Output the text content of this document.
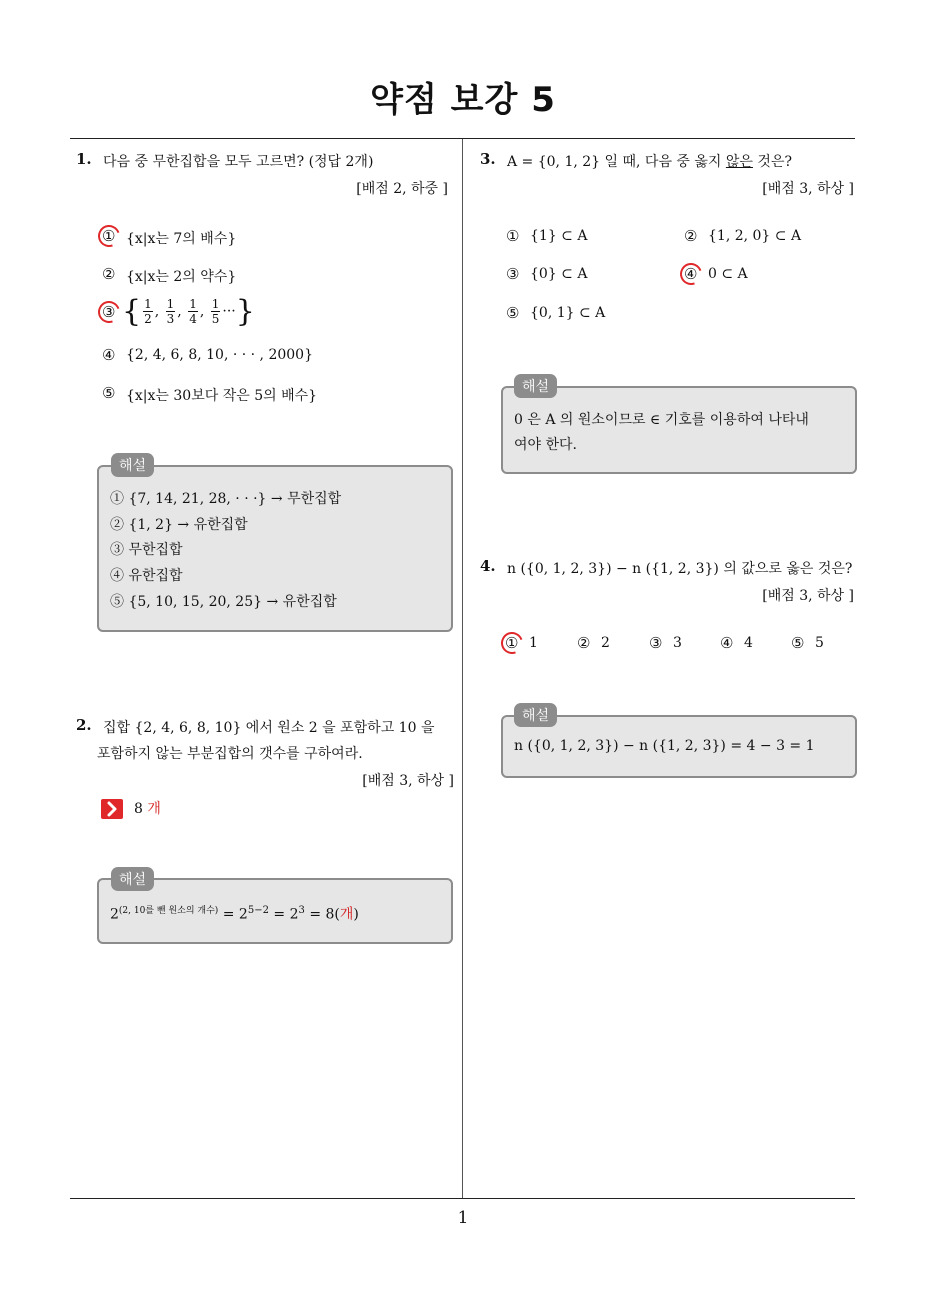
약점 보강 5
1
1. 다음 중 무한집합을 모두 고르면? (정답 2개)
[배점 2, 하중 ]
① {x|x는 7의 배수}
② {x|x는 2의 약수}
③ { $\frac{1}{2}$ , $\frac{1}{3}$ , $\frac{1}{4}$ , $\frac{1}{5}$ ···}
④ {2, 4, 6, 8, 10, · · · , 2000}
⑤ {x|x는 30보다 작은 5의 배수}
해설
① {7, 14, 21, 28, · · ·} → 무한집합
② {1, 2} → 유한집합
③ 무한집합
④ 유한집합
⑤ {5, 10, 15, 20, 25} → 유한집합
2. 집합 {2, 4, 6, 8, 10} 에서 원소 2 을 포함하고 10 을
포함하지 않는 부분집합의 갯수를 구하여라.
[배점 3, 하상 ]
8 개
해설
$2^{(2, 10를 뺀 원소의 개수)} = 2^{5-2} = 2^3 = 8$(개)
3. A = {0, 1, 2} 일 때, 다음 중 옳지 않은 것은?
[배점 3, 하상 ]
① {1} ⊂ A	② {1, 2, 0} ⊂ A
③ {0} ⊂ A	④ 0 ⊂ A
⑤ {0, 1} ⊂ A
해설
0 은 A 의 원소이므로 ∈ 기호를 이용하여 나타내
여야 한다.
4. n ({0, 1, 2, 3}) − n ({1, 2, 3}) 의 값으로 옳은 것은?
[배점 3, 하상 ]
① 1	② 2	③ 3	④ 4	⑤ 5
해설
n ({0, 1, 2, 3}) − n ({1, 2, 3}) = 4 − 3 = 1
